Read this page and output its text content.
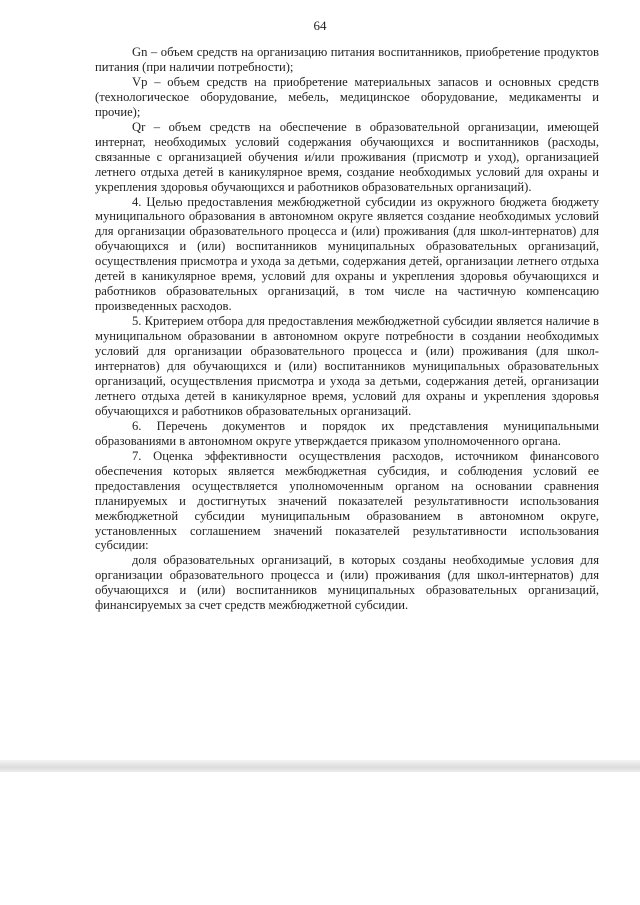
64

Gn – объем средств на организацию питания воспитанников, приобретение продуктов питания (при наличии потребности);

Vp – объем средств на приобретение материальных запасов и основных средств (технологическое оборудование, мебель, медицинское оборудование, медикаменты и прочие);

Qr – объем средств на обеспечение в образовательной организации, имеющей интернат, необходимых условий содержания обучающихся и воспитанников (расходы, связанные с организацией обучения и/или проживания (присмотр и уход), организацией летнего отдыха детей в каникулярное время, создание необходимых условий для охраны и укрепления здоровья обучающихся и работников образовательных организаций).

4. Целью предоставления межбюджетной субсидии из окружного бюджета бюджету муниципального образования в автономном округе является создание необходимых условий для организации образовательного процесса и (или) проживания (для школ-интернатов) для обучающихся и (или) воспитанников муниципальных образовательных организаций, осуществления присмотра и ухода за детьми, содержания детей, организации летнего отдыха детей в каникулярное время, условий для охраны и укрепления здоровья обучающихся и работников образовательных организаций, в том числе на частичную компенсацию произведенных расходов.

5. Критерием отбора для предоставления межбюджетной субсидии является наличие в муниципальном образовании в автономном округе потребности в создании необходимых условий для организации образовательного процесса и (или) проживания (для школ-интернатов) для обучающихся и (или) воспитанников муниципальных образовательных организаций, осуществления присмотра и ухода за детьми, содержания детей, организации летнего отдыха детей в каникулярное время, условий для охраны и укрепления здоровья обучающихся и работников образовательных организаций.

6. Перечень документов и порядок их представления муниципальными образованиями в автономном округе утверждается приказом уполномоченного органа.

7. Оценка эффективности осуществления расходов, источником финансового обеспечения которых является межбюджетная субсидия, и соблюдения условий ее предоставления осуществляется уполномоченным органом на основании сравнения планируемых и достигнутых значений показателей результативности использования межбюджетной субсидии муниципальным образованием в автономном округе, установленных соглашением значений показателей результативности использования субсидии:

доля образовательных организаций, в которых созданы необходимые условия для организации образовательного процесса и (или) проживания (для школ-интернатов) для обучающихся и (или) воспитанников муниципальных образовательных организаций, финансируемых за счет средств межбюджетной субсидии.
